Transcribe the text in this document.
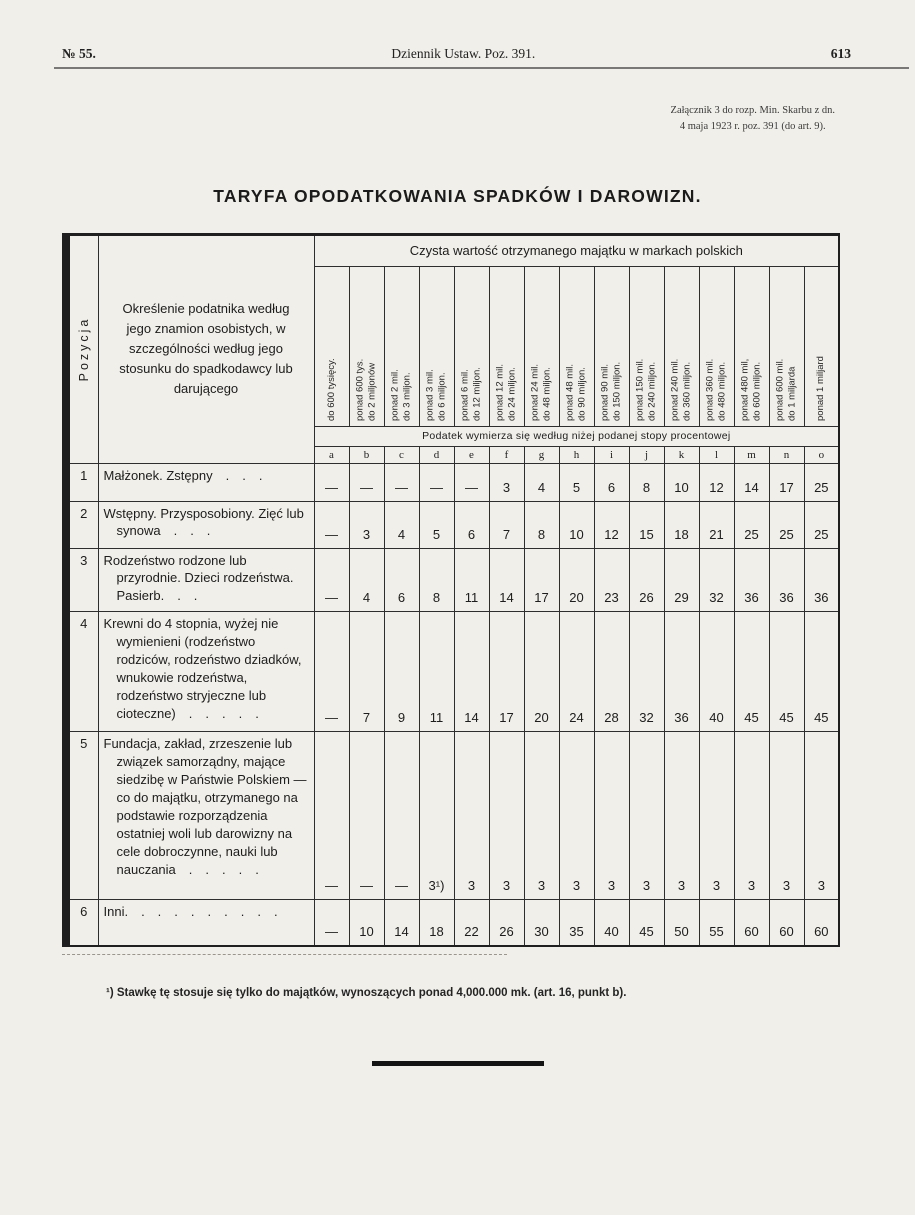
№ 55.	Dziennik Ustaw. Poz. 391.	613
Załącznik 3 do rozp. Min. Skarbu z dn.
4 maja 1923 r. poz. 391 (do art. 9).
TARYFA OPODATKOWANIA SPADKÓW I DAROWIZN.
Pozycja	Określenie podatnika według jego znamion osobistych, w szczególności według jego stosunku do spadkodawcy lub darującego	Czysta wartość otrzymanego majątku w markach polskich														

do 600 tysięcy.	ponad 600 tys. do 2 miljonów	ponad 2 mil. do 3 miljon.	ponad 3 mil. do 6 miljon.	ponad 6 mil. do 12 miljon.	ponad 12 mil. do 24 miljon.	ponad 24 mil. do 48 miljon.	ponad 48 mil. do 90 miljon.	ponad 90 mil. do 150 miljon.	ponad 150 mil. do 240 miljon.	ponad 240 mil. do 360 miljon.	ponad 360 mil. do 480 miljon.	ponad 480 mil, do 600 miljon.	ponad 600 mil. do 1 miljarda	ponad 1 miljard

		Podatek wymierza się według niżej podanej stopy procentowej														
		a	b	c	d	e	f	g	h	i	j	k	l	m	n	o
1	Małżonek. Zstępny  .  .  .	—	—	—	—	—	3	4	5	6	8	10	12	14	17	25
2	Wstępny. Przysposobiony. Zięć lub synowa  .  .  .	—	3	4	5	6	7	8	10	12	15	18	21	25	25	25
3	Rodzeństwo rodzone lub przyrodnie. Dzieci rodzeństwa. Pasierb.  .  .	—	4	6	8	11	14	17	20	23	26	29	32	36	36	36
4	Krewni do 4 stopnia, wyżej nie wymienieni (rodzeństwo rodziców, rodzeństwo dziadków, wnukowie rodzeństwa, rodzeństwo stryjeczne lub cioteczne)  .  .  .  .  .	—	7	9	11	14	17	20	24	28	32	36	40	45	45	45
5	Fundacja, zakład, zrzeszenie lub związek samorządny, mające siedzibę w Państwie Polskiem — co do majątku, otrzymanego na podstawie rozporządzenia ostatniej woli lub darowizny na cele dobroczynne, nauki lub nauczania  .  .  .  .  .	—	—	—	3¹)	3	3	3	3	3	3	3	3	3	3	3
6	Inni.  .  .  .  .  .  .  .  .  .	—	10	14	18	22	26	30	35	40	45	50	55	60	60	60

¹) Stawkę tę stosuje się tylko do majątków, wynoszących ponad 4,000.000 mk. (art. 16, punkt b).
